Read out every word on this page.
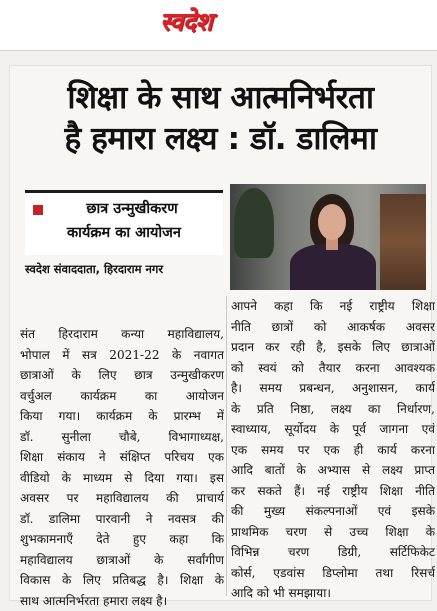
स्वदेश
शिक्षा के साथ आत्मनिर्भरता
है हमारा लक्ष्य : डॉ. डालिमा
छात्र उन्मुखीकरण
कार्यक्रम का आयोजन
स्वदेश संवाददाता, हिरदाराम नगर
संत हिरदाराम कन्या महाविद्यालय,
भोपाल में सत्र 2021-22 के नवागत
छात्राओं के लिए छात्र उन्मुखीकरण
वर्चुअल कार्यक्रम का आयोजन
किया गया। कार्यक्रम के प्रारम्भ में
डॉ. सुनीला चौबे, विभागाध्यक्ष,
शिक्षा संकाय ने संक्षिप्त परिचय एक
वीडियो के माध्यम से दिया गया। इस
अवसर पर महाविद्यालय की प्राचार्य
डॉ. डालिमा पारवानी ने नवसत्र की
शुभकामनाएँ देते हुए कहा कि
महाविद्यालय छात्राओं के सर्वांगीण
विकास के लिए प्रतिबद्ध है। शिक्षा के
साथ आत्मनिर्भरता हमारा लक्ष्य है।
आपने कहा कि नई राष्ट्रीय शिक्षा
नीति छात्रों को आकर्षक अवसर
प्रदान कर रही है, इसके लिए छात्राओं
को स्वयं को तैयार करना आवश्यक
है। समय प्रबन्धन, अनुशासन, कार्य
के प्रति निष्ठा, लक्ष्य का निर्धारण,
स्वाध्याय, सूर्योदय के पूर्व जागना एवं
एक समय पर एक ही कार्य करना
आदि बातों के अभ्यास से लक्ष्य प्राप्त
कर सकते हैं। नई राष्ट्रीय शिक्षा नीति
की मुख्य संकल्पनाओं एवं इसके
प्राथमिक चरण से उच्च शिक्षा के
विभिन्न चरण डिग्री, सर्टिफिकेट
कोर्स, एडवांस डिप्लोमा तथा रिसर्च
आदि को भी समझाया।
